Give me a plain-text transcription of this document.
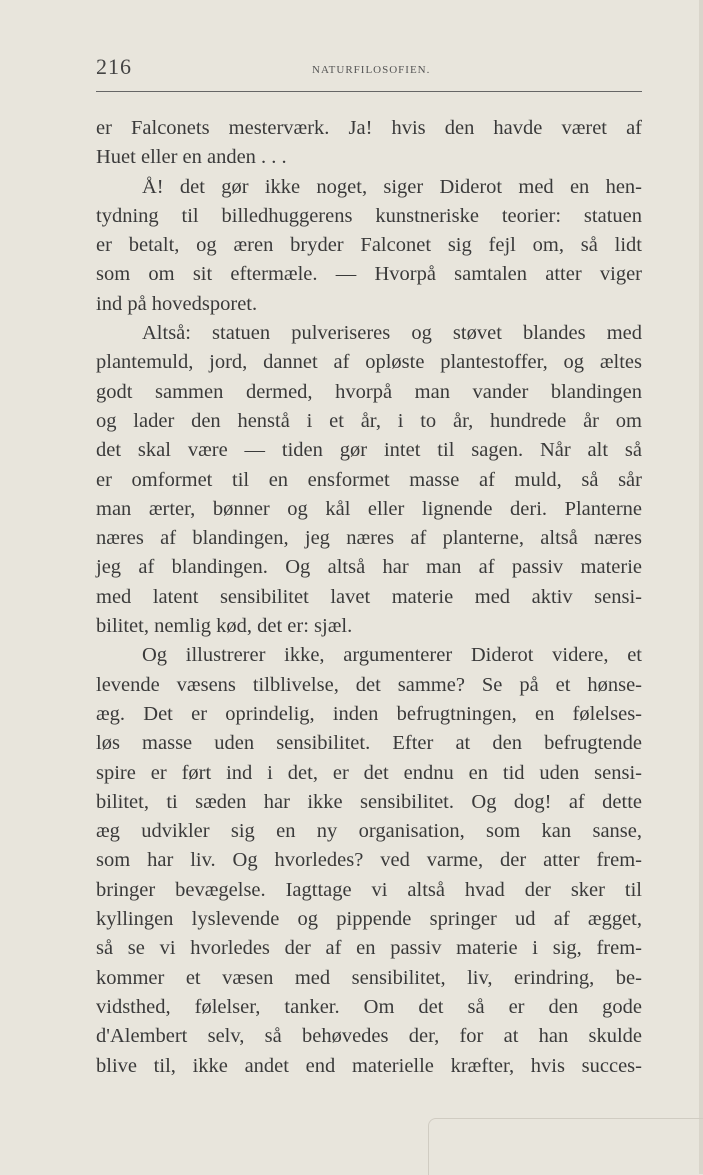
216	NATURFILOSOFIEN.
er Falconets mesterværk. Ja! hvis den havde været af
Huet eller en anden . . .
Å! det gør ikke noget, siger Diderot med en hen-
tydning til billedhuggerens kunstneriske teorier: statuen
er betalt, og æren bryder Falconet sig fejl om, så lidt
som om sit eftermæle. — Hvorpå samtalen atter viger
ind på hovedsporet.
Altså: statuen pulveriseres og støvet blandes med
plantemuld, jord, dannet af opløste plantestoffer, og æltes
godt sammen dermed, hvorpå man vander blandingen
og lader den henstå i et år, i to år, hundrede år om
det skal være — tiden gør intet til sagen. Når alt så
er omformet til en ensformet masse af muld, så sår
man ærter, bønner og kål eller lignende deri. Planterne
næres af blandingen, jeg næres af planterne, altså næres
jeg af blandingen. Og altså har man af passiv materie
med latent sensibilitet lavet materie med aktiv sensi-
bilitet, nemlig kød, det er: sjæl.
Og illustrerer ikke, argumenterer Diderot videre, et
levende væsens tilblivelse, det samme? Se på et hønse-
æg. Det er oprindelig, inden befrugtningen, en følelses-
løs masse uden sensibilitet. Efter at den befrugtende
spire er ført ind i det, er det endnu en tid uden sensi-
bilitet, ti sæden har ikke sensibilitet. Og dog! af dette
æg udvikler sig en ny organisation, som kan sanse,
som har liv. Og hvorledes? ved varme, der atter frem-
bringer bevægelse. Iagttage vi altså hvad der sker til
kyllingen lyslevende og pippende springer ud af ægget,
så se vi hvorledes der af en passiv materie i sig, frem-
kommer et væsen med sensibilitet, liv, erindring, be-
vidsthed, følelser, tanker. Om det så er den gode
d'Alembert selv, så behøvedes der, for at han skulde
blive til, ikke andet end materielle kræfter, hvis succes-
